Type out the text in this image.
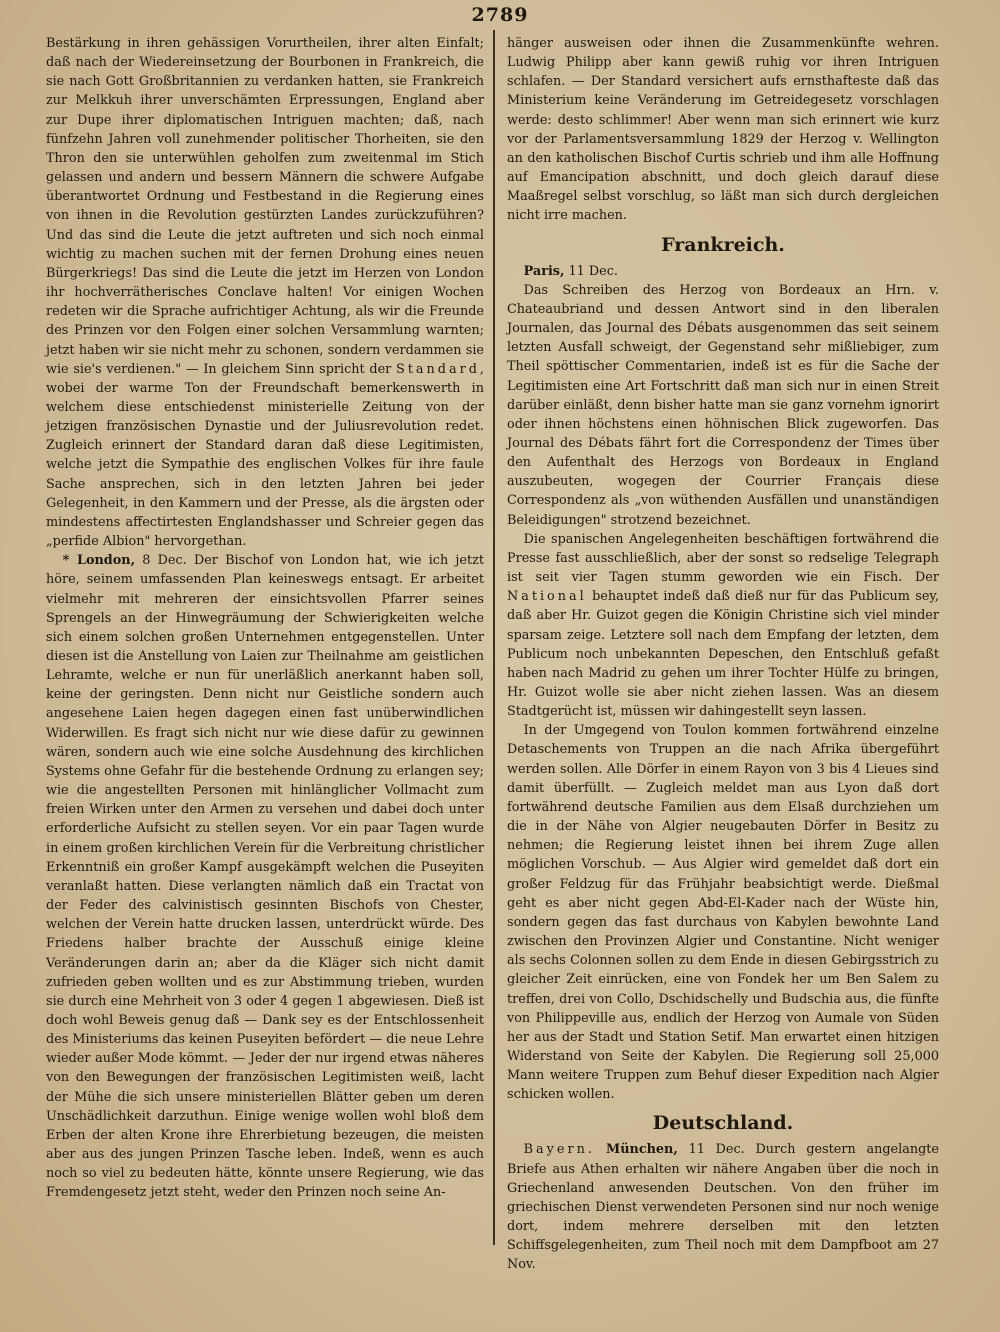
2789

Bestärkung in ihren gehässigen Vorurtheilen, ihrer alten Einfalt; daß nach der Wiedereinsetzung der Bourbonen in Frankreich, die sie nach Gott Großbritannien zu verdanken hatten, sie Frankreich zur Melkkuh ihrer unverschämten Erpressungen, England aber zur Dupe ihrer diplomatischen Intriguen machten; daß, nach fünfzehn Jahren voll zunehmender politischer Thorheiten, sie den Thron den sie unterwühlen geholfen zum zweitenmal im Stich gelassen und andern und bessern Männern die schwere Aufgabe überantwortet Ordnung und Festbestand in die Regierung eines von ihnen in die Revolution gestürzten Landes zurückzuführen? Und das sind die Leute die jetzt auftreten und sich noch einmal wichtig zu machen suchen mit der fernen Drohung eines neuen Bürgerkriegs! Das sind die Leute die jetzt im Herzen von London ihr hochverrätherisches Conclave halten! Vor einigen Wochen redeten wir die Sprache aufrichtiger Achtung, als wir die Freunde des Prinzen vor den Folgen einer solchen Versammlung warnten; jetzt haben wir sie nicht mehr zu schonen, sondern verdammen sie wie sie's verdienen." — In gleichem Sinn spricht der Standard, wobei der warme Ton der Freundschaft bemerkenswerth in welchem diese entschiedenst ministerielle Zeitung von der jetzigen französischen Dynastie und der Juliusrevolution redet. Zugleich erinnert der Standard daran daß diese Legitimisten, welche jetzt die Sympathie des englischen Volkes für ihre faule Sache ansprechen, sich in den letzten Jahren bei jeder Gelegenheit, in den Kammern und der Presse, als die ärgsten oder mindestens affectirtesten Englandshasser und Schreier gegen das „perfide Albion" hervorgethan.

* London, 8 Dec. Der Bischof von London hat, wie ich jetzt höre, seinem umfassenden Plan keineswegs entsagt. Er arbeitet vielmehr mit mehreren der einsichtsvollen Pfarrer seines Sprengels an der Hinwegräumung der Schwierigkeiten welche sich einem solchen großen Unternehmen entgegenstellen. Unter diesen ist die Anstellung von Laien zur Theilnahme am geistlichen Lehramte, welche er nun für unerläßlich anerkannt haben soll, keine der geringsten. Denn nicht nur Geistliche sondern auch angesehene Laien hegen dagegen einen fast unüberwindlichen Widerwillen. Es fragt sich nicht nur wie diese dafür zu gewinnen wären, sondern auch wie eine solche Ausdehnung des kirchlichen Systems ohne Gefahr für die bestehende Ordnung zu erlangen sey; wie die angestellten Personen mit hinlänglicher Vollmacht zum freien Wirken unter den Armen zu versehen und dabei doch unter erforderliche Aufsicht zu stellen seyen. Vor ein paar Tagen wurde in einem großen kirchlichen Verein für die Verbreitung christlicher Erkenntniß ein großer Kampf ausgekämpft welchen die Puseyiten veranlaßt hatten. Diese verlangten nämlich daß ein Tractat von der Feder des calvinistisch gesinnten Bischofs von Chester, welchen der Verein hatte drucken lassen, unterdrückt würde. Des Friedens halber brachte der Ausschuß einige kleine Veränderungen darin an; aber da die Kläger sich nicht damit zufrieden geben wollten und es zur Abstimmung trieben, wurden sie durch eine Mehrheit von 3 oder 4 gegen 1 abgewiesen. Dieß ist doch wohl Beweis genug daß — Dank sey es der Entschlossenheit des Ministeriums das keinen Puseyiten befördert — die neue Lehre wieder außer Mode kömmt. — Jeder der nur irgend etwas näheres von den Bewegungen der französischen Legitimisten weiß, lacht der Mühe die sich unsere ministeriellen Blätter geben um deren Unschädlichkeit darzuthun. Einige wenige wollen wohl bloß dem Erben der alten Krone ihre Ehrerbietung bezeugen, die meisten aber aus des jungen Prinzen Tasche leben. Indeß, wenn es auch noch so viel zu bedeuten hätte, könnte unsere Regierung, wie das Fremdengesetz jetzt steht, weder den Prinzen noch seine An-

hänger ausweisen oder ihnen die Zusammenkünfte wehren. Ludwig Philipp aber kann gewiß ruhig vor ihren Intriguen schlafen. — Der Standard versichert aufs ernsthafteste daß das Ministerium keine Veränderung im Getreidegesetz vorschlagen werde: desto schlimmer! Aber wenn man sich erinnert wie kurz vor der Parlamentsversammlung 1829 der Herzog v. Wellington an den katholischen Bischof Curtis schrieb und ihm alle Hoffnung auf Emancipation abschnitt, und doch gleich darauf diese Maaßregel selbst vorschlug, so läßt man sich durch dergleichen nicht irre machen.

Frankreich.

Paris, 11 Dec.

Das Schreiben des Herzog von Bordeaux an Hrn. v. Chateaubriand und dessen Antwort sind in den liberalen Journalen, das Journal des Débats ausgenommen das seit seinem letzten Ausfall schweigt, der Gegenstand sehr mißliebiger, zum Theil spöttischer Commentarien, indeß ist es für die Sache der Legitimisten eine Art Fortschritt daß man sich nur in einen Streit darüber einläßt, denn bisher hatte man sie ganz vornehm ignorirt oder ihnen höchstens einen höhnischen Blick zugeworfen. Das Journal des Débats fährt fort die Correspondenz der Times über den Aufenthalt des Herzogs von Bordeaux in England auszubeuten, wogegen der Courrier Français diese Correspondenz als „von wüthenden Ausfällen und unanständigen Beleidigungen" strotzend bezeichnet.

Die spanischen Angelegenheiten beschäftigen fortwährend die Presse fast ausschließlich, aber der sonst so redselige Telegraph ist seit vier Tagen stumm geworden wie ein Fisch. Der National behauptet indeß daß dieß nur für das Publicum sey, daß aber Hr. Guizot gegen die Königin Christine sich viel minder sparsam zeige. Letztere soll nach dem Empfang der letzten, dem Publicum noch unbekannten Depeschen, den Entschluß gefaßt haben nach Madrid zu gehen um ihrer Tochter Hülfe zu bringen, Hr. Guizot wolle sie aber nicht ziehen lassen. Was an diesem Stadtgerücht ist, müssen wir dahingestellt seyn lassen.

In der Umgegend von Toulon kommen fortwährend einzelne Detaschements von Truppen an die nach Afrika übergeführt werden sollen. Alle Dörfer in einem Rayon von 3 bis 4 Lieues sind damit überfüllt. — Zugleich meldet man aus Lyon daß dort fortwährend deutsche Familien aus dem Elsaß durchziehen um die in der Nähe von Algier neugebauten Dörfer in Besitz zu nehmen; die Regierung leistet ihnen bei ihrem Zuge allen möglichen Vorschub. — Aus Algier wird gemeldet daß dort ein großer Feldzug für das Frühjahr beabsichtigt werde. Dießmal geht es aber nicht gegen Abd-El-Kader nach der Wüste hin, sondern gegen das fast durchaus von Kabylen bewohnte Land zwischen den Provinzen Algier und Constantine. Nicht weniger als sechs Colonnen sollen zu dem Ende in diesen Gebirgsstrich zu gleicher Zeit einrücken, eine von Fondek her um Ben Salem zu treffen, drei von Collo, Dschidschelly und Budschia aus, die fünfte von Philippeville aus, endlich der Herzog von Aumale von Süden her aus der Stadt und Station Setif. Man erwartet einen hitzigen Widerstand von Seite der Kabylen. Die Regierung soll 25,000 Mann weitere Truppen zum Behuf dieser Expedition nach Algier schicken wollen.

Deutschland.

Bayern. München, 11 Dec. Durch gestern angelangte Briefe aus Athen erhalten wir nähere Angaben über die noch in Griechenland anwesenden Deutschen. Von den früher im griechischen Dienst verwendeten Personen sind nur noch wenige dort, indem mehrere derselben mit den letzten Schiffsgelegenheiten, zum Theil noch mit dem Dampfboot am 27 Nov.
